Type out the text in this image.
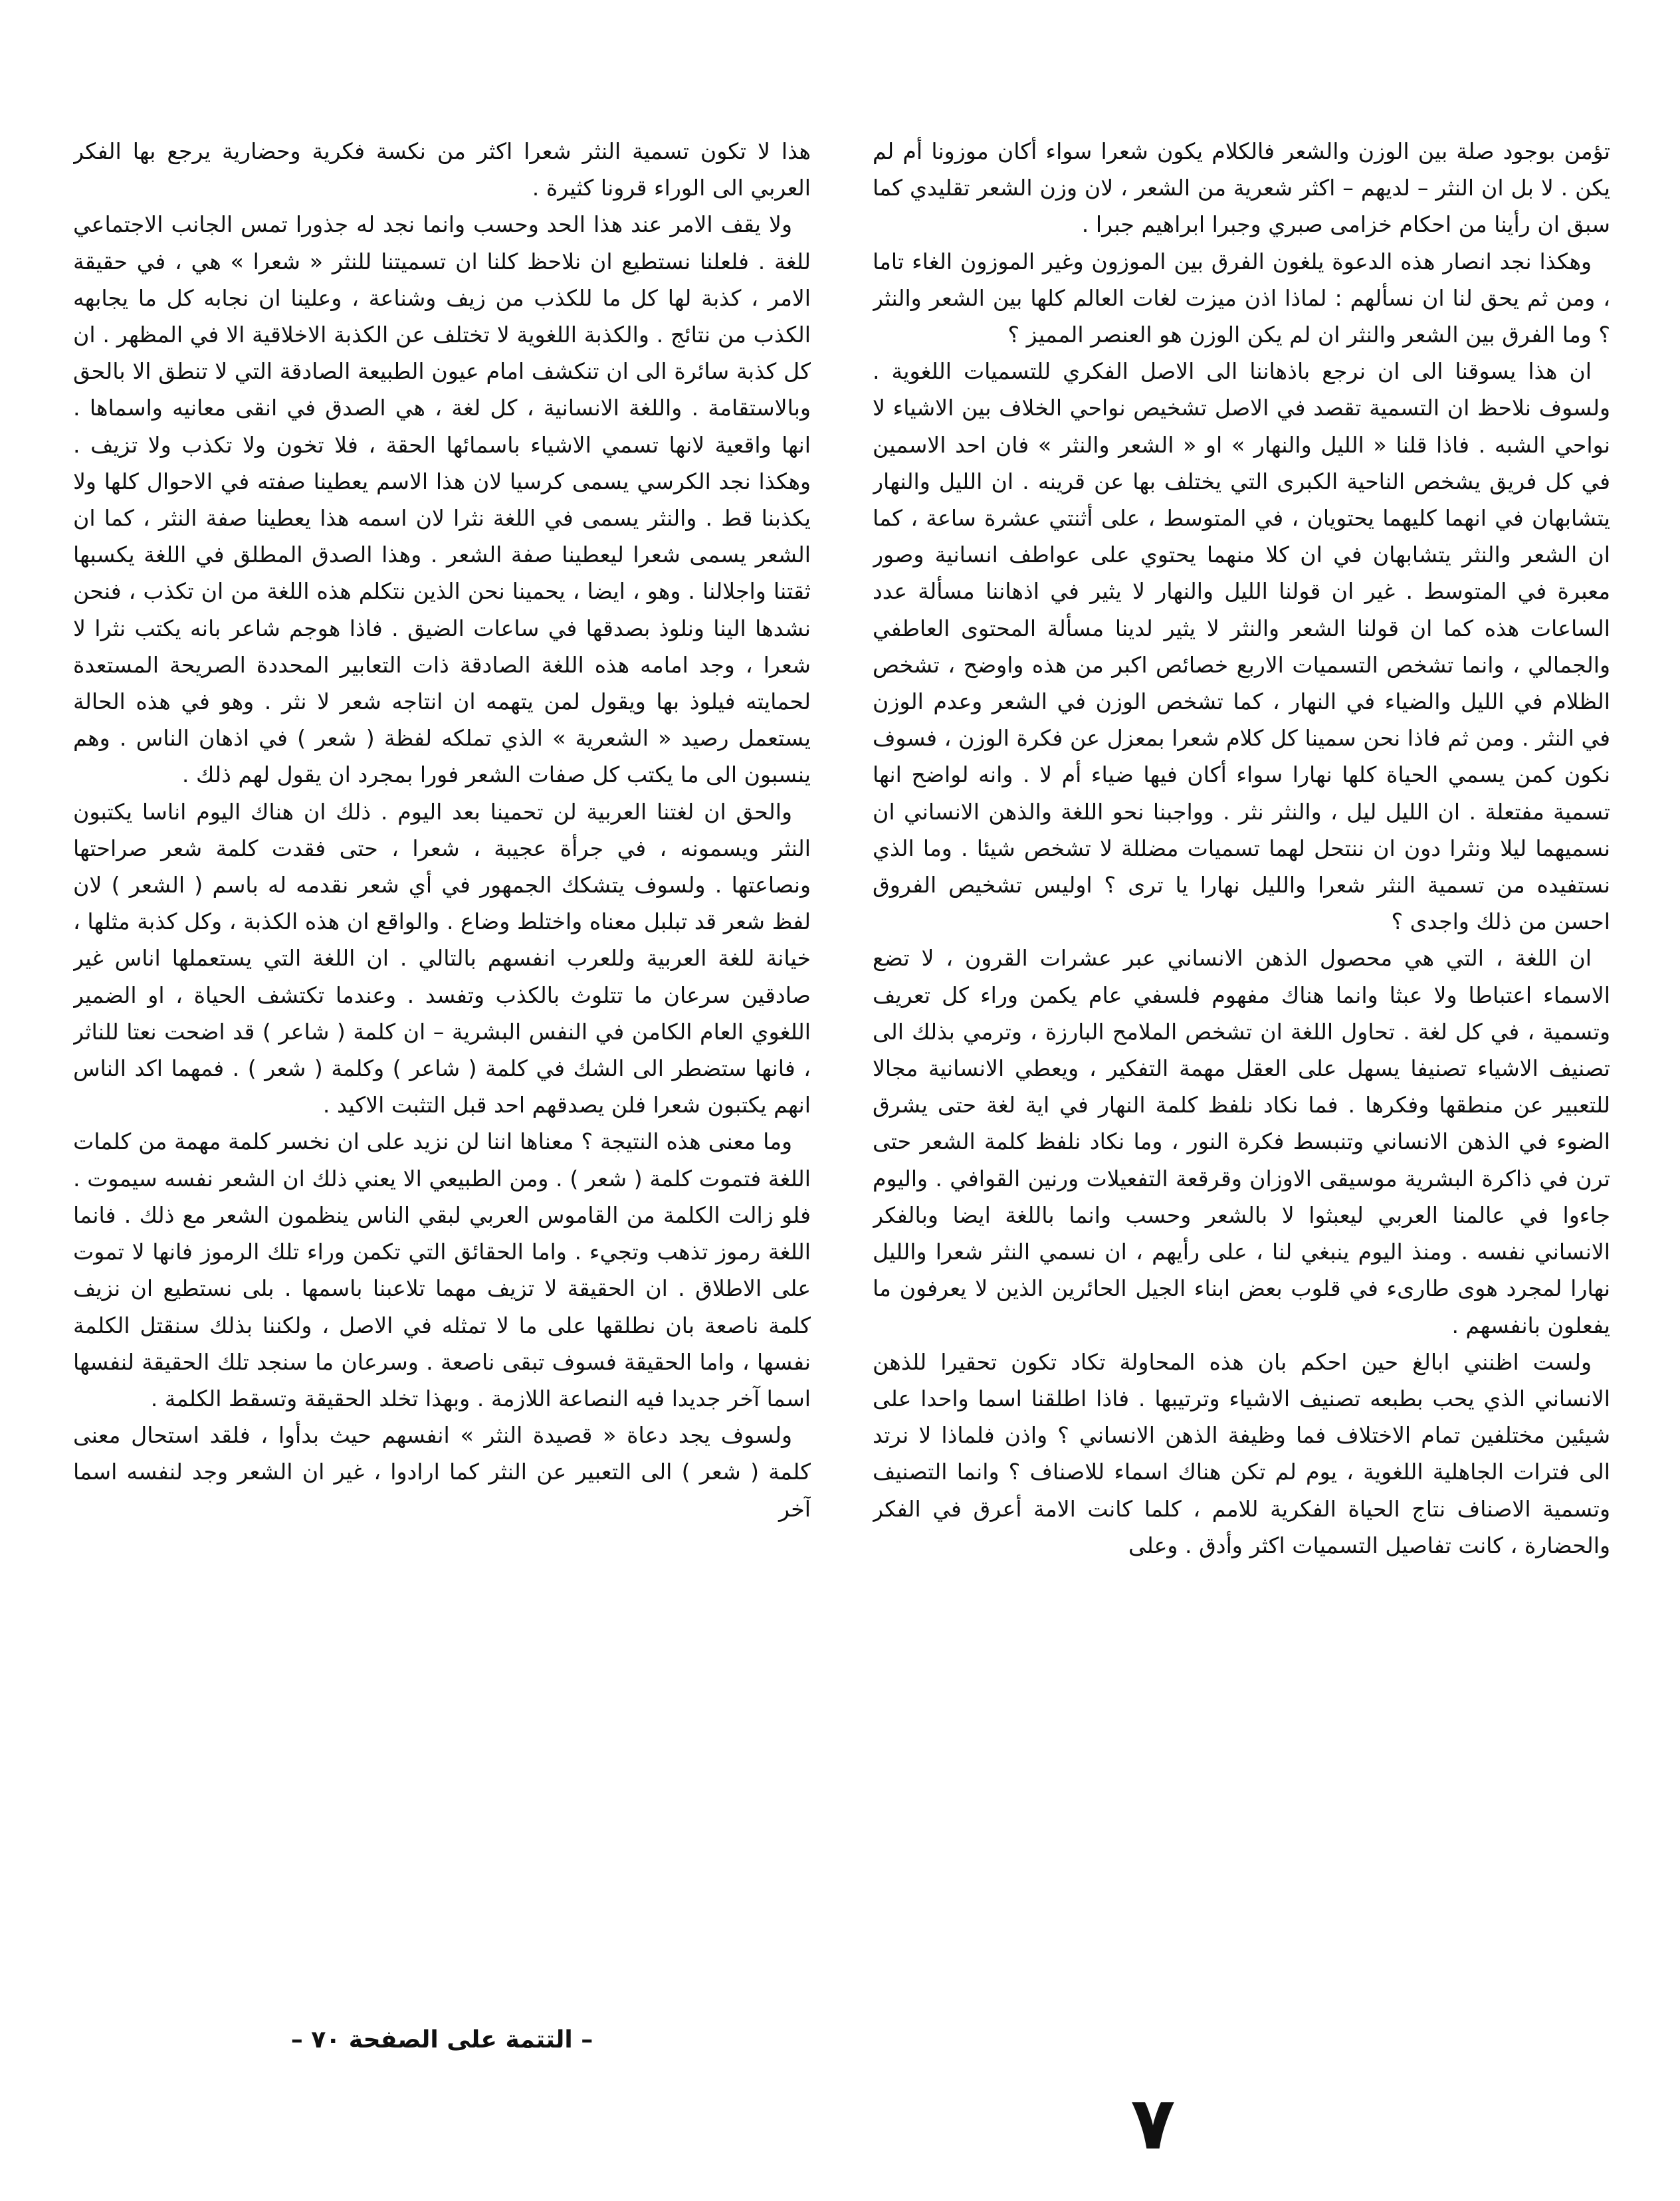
تؤمن بوجود صلة بين الوزن والشعر فالكلام يكون شعرا سواء أكان موزونا أم لم يكن . لا بل ان النثر – لديهم – اكثر شعرية من الشعر ، لان وزن الشعر تقليدي كما سبق ان رأينا من احكام خزامى صبري وجبرا ابراهيم جبرا .

وهكذا نجد انصار هذه الدعوة يلغون الفرق بين الموزون وغير الموزون الغاء تاما ، ومن ثم يحق لنا ان نسألهم : لماذا اذن ميزت لغات العالم كلها بين الشعر والنثر ؟ وما الفرق بين الشعر والنثر ان لم يكن الوزن هو العنصر المميز ؟

ان هذا يسوقنا الى ان نرجع باذهاننا الى الاصل الفكري للتسميات اللغوية . ولسوف نلاحظ ان التسمية تقصد في الاصل تشخيص نواحي الخلاف بين الاشياء لا نواحي الشبه . فاذا قلنا « الليل والنهار » او « الشعر والنثر » فان احد الاسمين في كل فريق يشخص الناحية الكبرى التي يختلف بها عن قرينه . ان الليل والنهار يتشابهان في انهما كليهما يحتويان ، في المتوسط ، على أثنتي عشرة ساعة ، كما ان الشعر والنثر يتشابهان في ان كلا منهما يحتوي على عواطف انسانية وصور معبرة في المتوسط . غير ان قولنا الليل والنهار لا يثير في اذهاننا مسألة عدد الساعات هذه كما ان قولنا الشعر والنثر لا يثير لدينا مسألة المحتوى العاطفي والجمالي ، وانما تشخص التسميات الاربع خصائص اكبر من هذه واوضح ، تشخص الظلام في الليل والضياء في النهار ، كما تشخص الوزن في الشعر وعدم الوزن في النثر . ومن ثم فاذا نحن سمينا كل كلام شعرا بمعزل عن فكرة الوزن ، فسوف نكون كمن يسمي الحياة كلها نهارا سواء أكان فيها ضياء أم لا . وانه لواضح انها تسمية مفتعلة . ان الليل ليل ، والنثر نثر . وواجبنا نحو اللغة والذهن الانساني ان نسميهما ليلا ونثرا دون ان ننتحل لهما تسميات مضللة لا تشخص شيئا . وما الذي نستفيده من تسمية النثر شعرا والليل نهارا يا ترى ؟ اوليس تشخيص الفروق احسن من ذلك واجدى ؟

ان اللغة ، التي هي محصول الذهن الانساني عبر عشرات القرون ، لا تضع الاسماء اعتباطا ولا عبثا وانما هناك مفهوم فلسفي عام يكمن وراء كل تعريف وتسمية ، في كل لغة . تحاول اللغة ان تشخص الملامح البارزة ، وترمي بذلك الى تصنيف الاشياء تصنيفا يسهل على العقل مهمة التفكير ، ويعطي الانسانية مجالا للتعبير عن منطقها وفكرها . فما نكاد نلفظ كلمة النهار في اية لغة حتى يشرق الضوء في الذهن الانساني وتنبسط فكرة النور ، وما نكاد نلفظ كلمة الشعر حتى ترن في ذاكرة البشرية موسيقى الاوزان وقرقعة التفعيلات ورنين القوافي . واليوم جاءوا في عالمنا العربي ليعبثوا لا بالشعر وحسب وانما باللغة ايضا وبالفكر الانساني نفسه . ومنذ اليوم ينبغي لنا ، على رأيهم ، ان نسمي النثر شعرا والليل نهارا لمجرد هوى طارىء في قلوب بعض ابناء الجيل الحائرين الذين لا يعرفون ما يفعلون بانفسهم .

ولست اظنني ابالغ حين احكم بان هذه المحاولة تكاد تكون تحقيرا للذهن الانساني الذي يحب بطبعه تصنيف الاشياء وترتيبها . فاذا اطلقنا اسما واحدا على شيئين مختلفين تمام الاختلاف فما وظيفة الذهن الانساني ؟ واذن فلماذا لا نرتد الى فترات الجاهلية اللغوية ، يوم لم تكن هناك اسماء للاصناف ؟ وانما التصنيف وتسمية الاصناف نتاج الحياة الفكرية للامم ، كلما كانت الامة أعرق في الفكر والحضارة ، كانت تفاصيل التسميات اكثر وأدق . وعلى

هذا لا تكون تسمية النثر شعرا اكثر من نكسة فكرية وحضارية يرجع بها الفكر العربي الى الوراء قرونا كثيرة .

ولا يقف الامر عند هذا الحد وحسب وانما نجد له جذورا تمس الجانب الاجتماعي للغة . فلعلنا نستطيع ان نلاحظ كلنا ان تسميتنا للنثر « شعرا » هي ، في حقيقة الامر ، كذبة لها كل ما للكذب من زيف وشناعة ، وعلينا ان نجابه كل ما يجابهه الكذب من نتائج . والكذبة اللغوية لا تختلف عن الكذبة الاخلاقية الا في المظهر . ان كل كذبة سائرة الى ان تنكشف امام عيون الطبيعة الصادقة التي لا تنطق الا بالحق وبالاستقامة . واللغة الانسانية ، كل لغة ، هي الصدق في انقى معانيه واسماها . انها واقعية لانها تسمي الاشياء باسمائها الحقة ، فلا تخون ولا تكذب ولا تزيف . وهكذا نجد الكرسي يسمى كرسيا لان هذا الاسم يعطينا صفته في الاحوال كلها ولا يكذبنا قط . والنثر يسمى في اللغة نثرا لان اسمه هذا يعطينا صفة النثر ، كما ان الشعر يسمى شعرا ليعطينا صفة الشعر . وهذا الصدق المطلق في اللغة يكسبها ثقتنا واجلالنا . وهو ، ايضا ، يحمينا نحن الذين نتكلم هذه اللغة من ان تكذب ، فنحن نشدها الينا ونلوذ بصدقها في ساعات الضيق . فاذا هوجم شاعر بانه يكتب نثرا لا شعرا ، وجد امامه هذه اللغة الصادقة ذات التعابير المحددة الصريحة المستعدة لحمايته فيلوذ بها ويقول لمن يتهمه ان انتاجه شعر لا نثر . وهو في هذه الحالة يستعمل رصيد « الشعرية » الذي تملكه لفظة ( شعر ) في اذهان الناس . وهم ينسبون الى ما يكتب كل صفات الشعر فورا بمجرد ان يقول لهم ذلك .

والحق ان لغتنا العربية لن تحمينا بعد اليوم . ذلك ان هناك اليوم اناسا يكتبون النثر ويسمونه ، في جرأة عجيبة ، شعرا ، حتى فقدت كلمة شعر صراحتها ونصاعتها . ولسوف يتشكك الجمهور في أي شعر نقدمه له باسم ( الشعر ) لان لفظ شعر قد تبلبل معناه واختلط وضاع . والواقع ان هذه الكذبة ، وكل كذبة مثلها ، خيانة للغة العربية وللعرب انفسهم بالتالي . ان اللغة التي يستعملها اناس غير صادقين سرعان ما تتلوث بالكذب وتفسد . وعندما تكتشف الحياة ، او الضمير اللغوي العام الكامن في النفس البشرية – ان كلمة ( شاعر ) قد اضحت نعتا للناثر ، فانها ستضطر الى الشك في كلمة ( شاعر ) وكلمة ( شعر ) . فمهما اكد الناس انهم يكتبون شعرا فلن يصدقهم احد قبل التثبت الاكيد .

وما معنى هذه النتيجة ؟ معناها اننا لن نزيد على ان نخسر كلمة مهمة من كلمات اللغة فتموت كلمة ( شعر ) . ومن الطبيعي الا يعني ذلك ان الشعر نفسه سيموت . فلو زالت الكلمة من القاموس العربي لبقي الناس ينظمون الشعر مع ذلك . فانما اللغة رموز تذهب وتجيء . واما الحقائق التي تكمن وراء تلك الرموز فانها لا تموت على الاطلاق . ان الحقيقة لا تزيف مهما تلاعبنا باسمها . بلى نستطيع ان نزيف كلمة ناصعة بان نطلقها على ما لا تمثله في الاصل ، ولكننا بذلك سنقتل الكلمة نفسها ، واما الحقيقة فسوف تبقى ناصعة . وسرعان ما سنجد تلك الحقيقة لنفسها اسما آخر جديدا فيه النصاعة اللازمة . وبهذا تخلد الحقيقة وتسقط الكلمة .

ولسوف يجد دعاة « قصيدة النثر » انفسهم حيث بدأوا ، فلقد استحال معنى كلمة ( شعر ) الى التعبير عن النثر كما ارادوا ، غير ان الشعر وجد لنفسه اسما آخر

– التتمة على الصفحة ٧٠ –
٧
